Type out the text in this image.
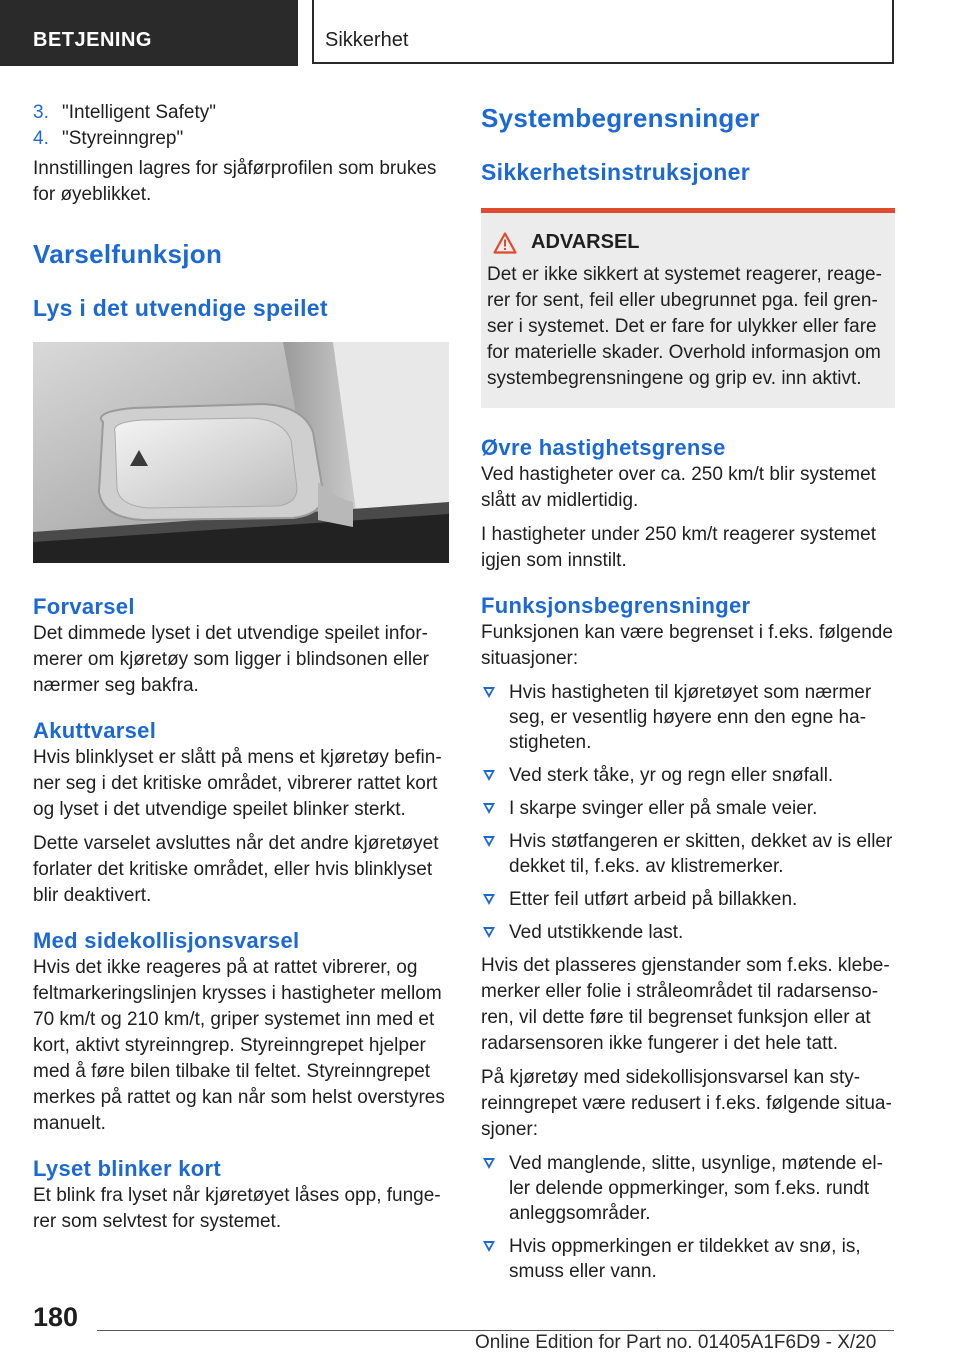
BETJENING	Sikkerhet
3. "Intelligent Safety"
4. "Styreinngrep"

Innstillingen lagres for sjåførprofilen som brukes for øyeblikket.

Varselfunksjon
Lys i det utvendige speilet
Forvarsel

Det dimmede lyset i det utvendige speilet informerer om kjøretøy som ligger i blindsonen eller nærmer seg bakfra.

Akuttvarsel

Hvis blinklyset er slått på mens et kjøretøy befinner seg i det kritiske området, vibrerer rattet kort og lyset i det utvendige speilet blinker sterkt.

Dette varselet avsluttes når det andre kjøretøyet forlater det kritiske området, eller hvis blinklyset blir deaktivert.

Med sidekollisjonsvarsel

Hvis det ikke reageres på at rattet vibrerer, og feltmarkeringslinjen krysses i hastigheter mellom 70 km/t og 210 km/t, griper systemet inn med et kort, aktivt styreinngrep. Styreinngrepet hjelper med å føre bilen tilbake til feltet. Styreinngrepet merkes på rattet og kan når som helst overstyres manuelt.

Lyset blinker kort

Et blink fra lyset når kjøretøyet låses opp, fungerer som selvtest for systemet.

Systembegrensninger
Sikkerhetsinstruksjoner
ADVARSEL

Det er ikke sikkert at systemet reagerer, reagerer for sent, feil eller ubegrunnet pga. feil grenser i systemet. Det er fare for ulykker eller fare for materielle skader. Overhold informasjon om systembegrensningene og grip ev. inn aktivt.

Øvre hastighetsgrense

Ved hastigheter over ca. 250 km/t blir systemet slått av midlertidig.

I hastigheter under 250 km/t reagerer systemet igjen som innstilt.

Funksjonsbegrensninger

Funksjonen kan være begrenset i f.eks. følgende situasjoner:

Hvis hastigheten til kjøretøyet som nærmer seg, er vesentlig høyere enn den egne hastigheten.
Ved sterk tåke, yr og regn eller snøfall.
I skarpe svinger eller på smale veier.
Hvis støtfangeren er skitten, dekket av is eller dekket til, f.eks. av klistremerker.
Etter feil utført arbeid på billakken.
Ved utstikkende last.

Hvis det plasseres gjenstander som f.eks. klebemerker eller folie i stråleområdet til radarsensoren, vil dette føre til begrenset funksjon eller at radarsensoren ikke fungerer i det hele tatt.

På kjøretøy med sidekollisjonsvarsel kan styreinngrepet være redusert i f.eks. følgende situasjoner:

Ved manglende, slitte, usynlige, møtende eller delende oppmerkinger, som f.eks. rundt anleggsområder.
Hvis oppmerkingen er tildekket av snø, is, smuss eller vann.
180
Online Edition for Part no. 01405A1F6D9 - X/20
